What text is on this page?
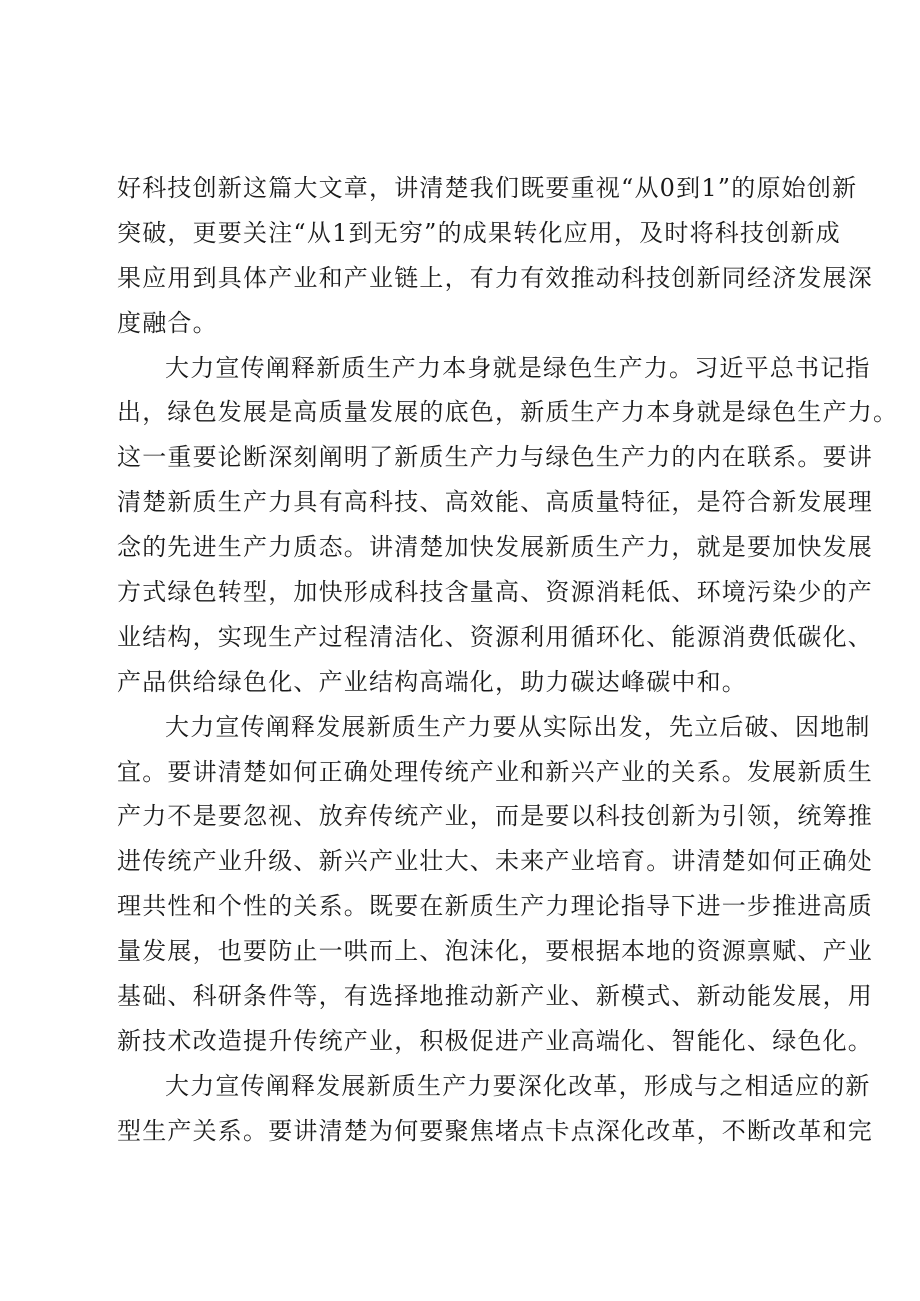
好科技创新这篇大文章，讲清楚我们既要重视“从0到1”的原始创新
突破，更要关注“从1到无穷”的成果转化应用，及时将科技创新成
果应用到具体产业和产业链上，有力有效推动科技创新同经济发展深
度融合。
大力宣传阐释新质生产力本身就是绿色生产力。习近平总书记指
出，绿色发展是高质量发展的底色，新质生产力本身就是绿色生产力。
这一重要论断深刻阐明了新质生产力与绿色生产力的内在联系。要讲
清楚新质生产力具有高科技、高效能、高质量特征，是符合新发展理
念的先进生产力质态。讲清楚加快发展新质生产力，就是要加快发展
方式绿色转型，加快形成科技含量高、资源消耗低、环境污染少的产
业结构，实现生产过程清洁化、资源利用循环化、能源消费低碳化、
产品供给绿色化、产业结构高端化，助力碳达峰碳中和。
大力宣传阐释发展新质生产力要从实际出发，先立后破、因地制
宜。要讲清楚如何正确处理传统产业和新兴产业的关系。发展新质生
产力不是要忽视、放弃传统产业，而是要以科技创新为引领，统筹推
进传统产业升级、新兴产业壮大、未来产业培育。讲清楚如何正确处
理共性和个性的关系。既要在新质生产力理论指导下进一步推进高质
量发展，也要防止一哄而上、泡沫化，要根据本地的资源禀赋、产业
基础、科研条件等，有选择地推动新产业、新模式、新动能发展，用
新技术改造提升传统产业，积极促进产业高端化、智能化、绿色化。
大力宣传阐释发展新质生产力要深化改革，形成与之相适应的新
型生产关系。要讲清楚为何要聚焦堵点卡点深化改革，不断改革和完
